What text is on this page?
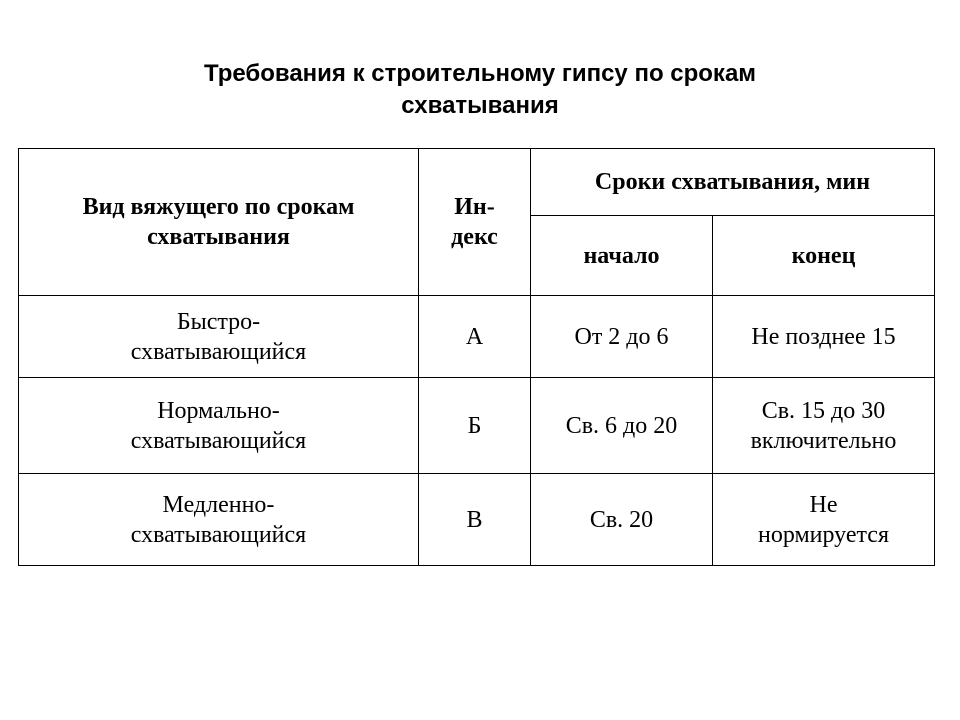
Требования к строительному гипсу по срокам
схватывания
Вид вяжущего по срокам
схватывания	Ин-
декс	Сроки схватывания, мин	
		начало	конец

Быстро-
схватывающийся	А	От 2 до 6	Не позднее 15

Нормально-
схватывающийся	Б	Св. 6 до 20	Св. 15 до 30
включительно

Медленно-
схватывающийся	В	Св. 20	Не
нормируется
